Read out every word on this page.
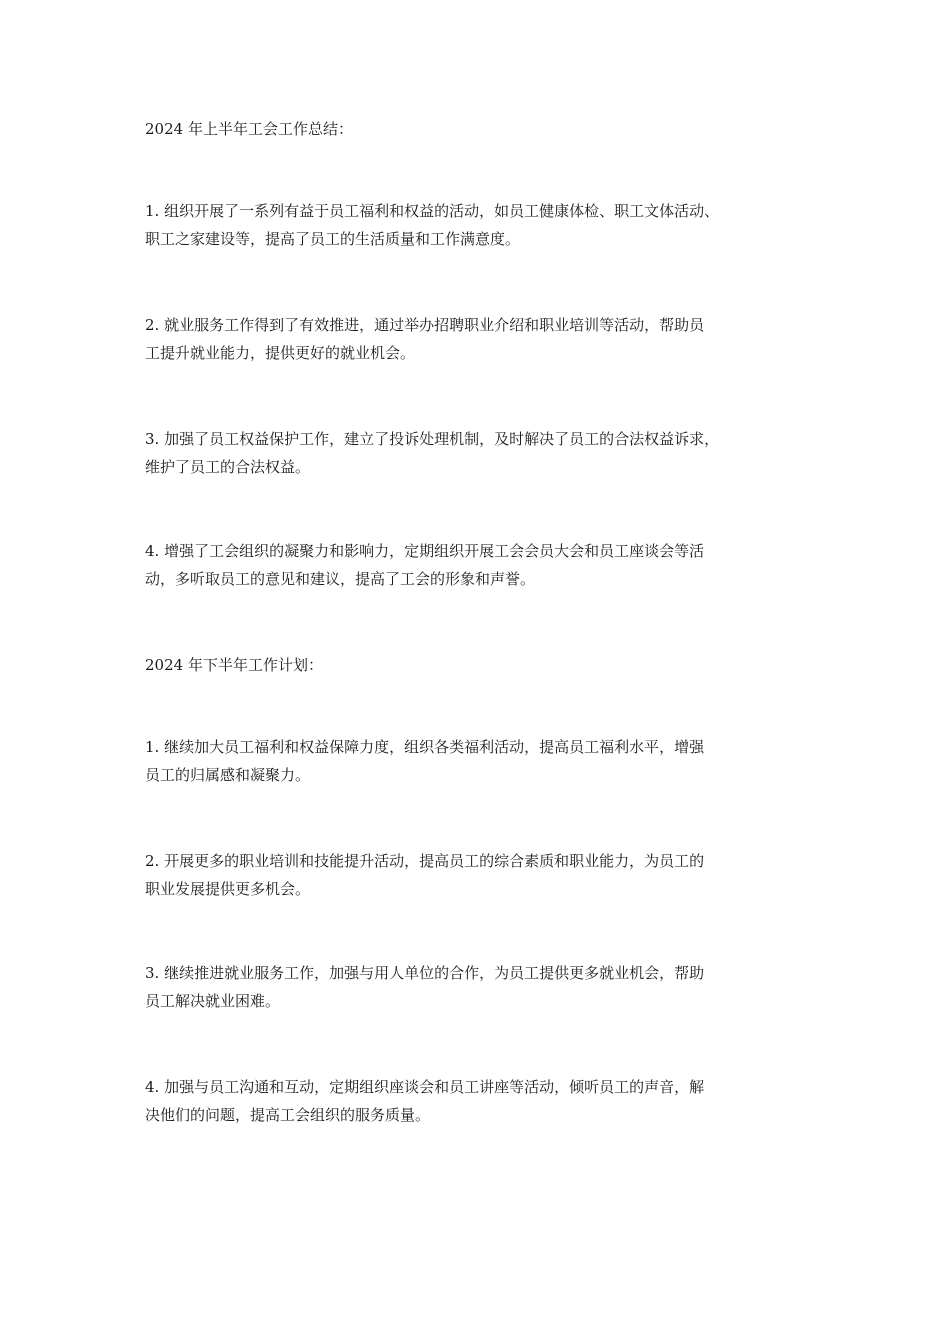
2024 年上半年工会工作总结：

1. 组织开展了一系列有益于员工福利和权益的活动，如员工健康体检、职工文体活动、
职工之家建设等，提高了员工的生活质量和工作满意度。

2. 就业服务工作得到了有效推进，通过举办招聘职业介绍和职业培训等活动，帮助员
工提升就业能力，提供更好的就业机会。

3. 加强了员工权益保护工作，建立了投诉处理机制，及时解决了员工的合法权益诉求，
维护了员工的合法权益。

4. 增强了工会组织的凝聚力和影响力，定期组织开展工会会员大会和员工座谈会等活
动，多听取员工的意见和建议，提高了工会的形象和声誉。

2024 年下半年工作计划：

1. 继续加大员工福利和权益保障力度，组织各类福利活动，提高员工福利水平，增强
员工的归属感和凝聚力。

2. 开展更多的职业培训和技能提升活动，提高员工的综合素质和职业能力，为员工的
职业发展提供更多机会。

3. 继续推进就业服务工作，加强与用人单位的合作，为员工提供更多就业机会，帮助
员工解决就业困难。

4. 加强与员工沟通和互动，定期组织座谈会和员工讲座等活动，倾听员工的声音，解
决他们的问题，提高工会组织的服务质量。
